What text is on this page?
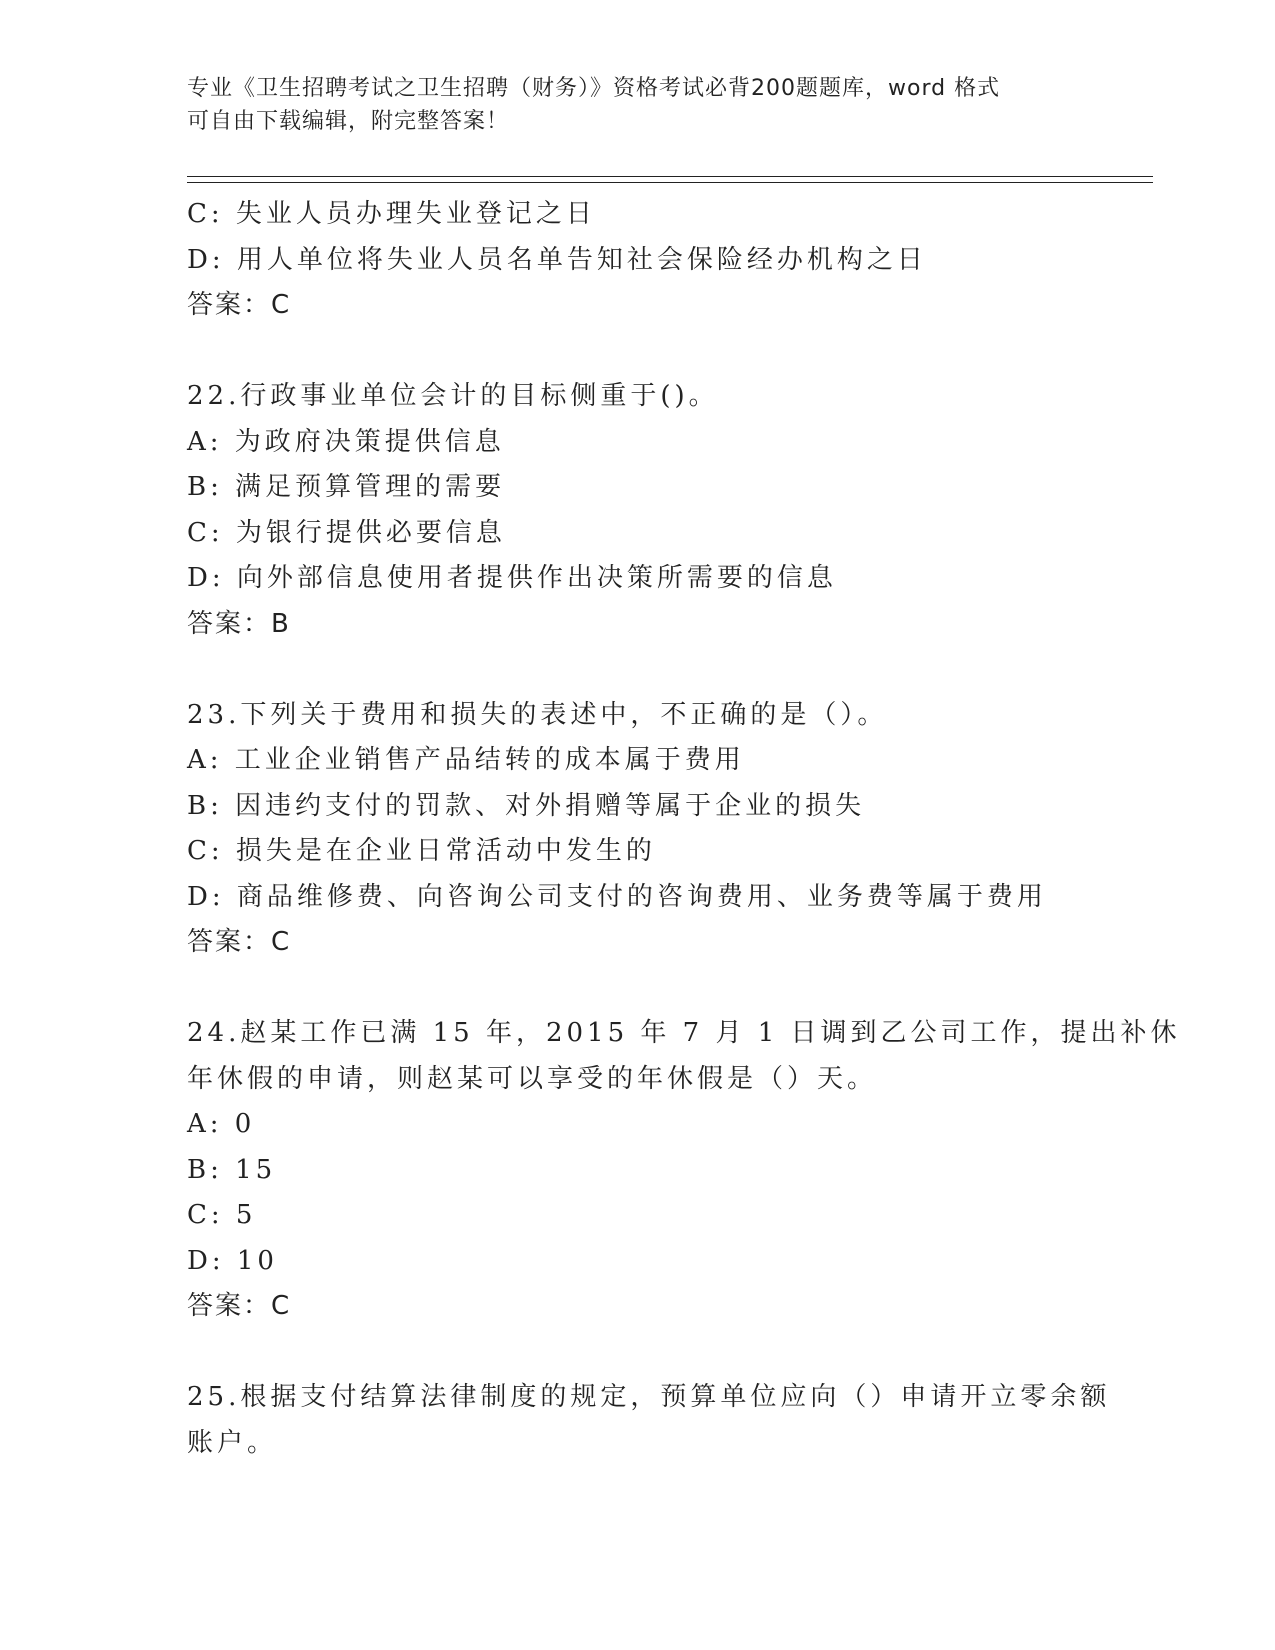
专业《卫生招聘考试之卫生招聘（财务）》资格考试必背200题题库，word 格式
可自由下载编辑，附完整答案！
C: 失业人员办理失业登记之日
D: 用人单位将失业人员名单告知社会保险经办机构之日
答案：C
22.行政事业单位会计的目标侧重于()。
A: 为政府决策提供信息
B: 满足预算管理的需要
C: 为银行提供必要信息
D: 向外部信息使用者提供作出决策所需要的信息
答案：B
23.下列关于费用和损失的表述中，不正确的是（）。
A: 工业企业销售产品结转的成本属于费用
B: 因违约支付的罚款、对外捐赠等属于企业的损失
C: 损失是在企业日常活动中发生的
D: 商品维修费、向咨询公司支付的咨询费用、业务费等属于费用
答案：C
24.赵某工作已满 15 年，2015 年 7 月 1 日调到乙公司工作，提出补休
年休假的申请，则赵某可以享受的年休假是（）天。
A: 0
B: 15
C: 5
D: 10
答案：C
25.根据支付结算法律制度的规定，预算单位应向（）申请开立零余额
账户。
